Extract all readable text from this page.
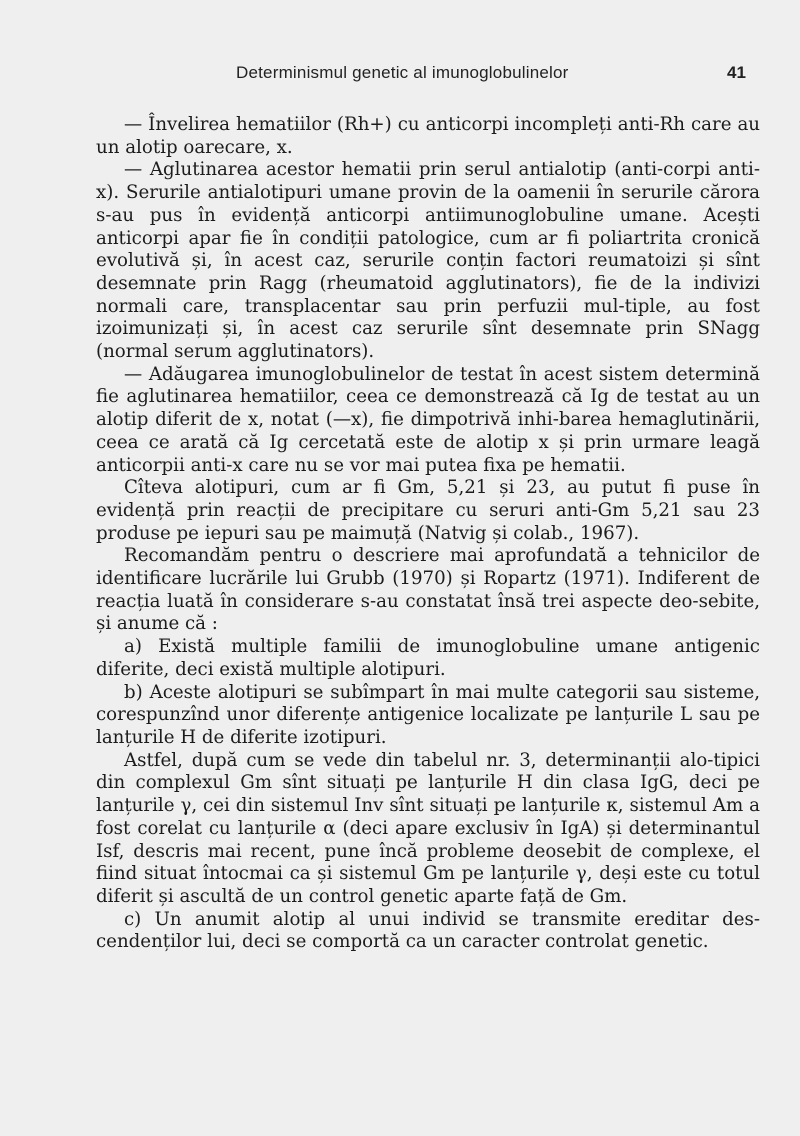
Determinismul genetic al imunoglobulinelor	41

— Învelirea hematiilor (Rh+) cu anticorpi incompleți anti-Rh care au un alotip oarecare, x.

— Aglutinarea acestor hematii prin serul antialotip (anti-corpi anti-x). Serurile antialotipuri umane provin de la oamenii în serurile cărora s-au pus în evidență anticorpi antiimunoglobuline umane. Acești anticorpi apar fie în condiții patologice, cum ar fi poliartrita cronică evolutivă și, în acest caz, serurile conțin factori reumatoizi și sînt desemnate prin Ragg (rheumatoid agglutinators), fie de la indivizi normali care, transplacentar sau prin perfuzii mul-tiple, au fost izoimunizați și, în acest caz serurile sînt desemnate prin SNagg (normal serum agglutinators).

— Adăugarea imunoglobulinelor de testat în acest sistem determină fie aglutinarea hematiilor, ceea ce demonstrează că Ig de testat au un alotip diferit de x, notat (—x), fie dimpotrivă inhi-barea hemaglutinării, ceea ce arată că Ig cercetată este de alotip x și prin urmare leagă anticorpii anti-x care nu se vor mai putea fixa pe hematii.

Cîteva alotipuri, cum ar fi Gm, 5,21 și 23, au putut fi puse în evidență prin reacții de precipitare cu seruri anti-Gm 5,21 sau 23 produse pe iepuri sau pe maimuță (Natvig și colab., 1967).

Recomandăm pentru o descriere mai aprofundată a tehnicilor de identificare lucrările lui Grubb (1970) și Ropartz (1971). Indiferent de reacția luată în considerare s-au constatat însă trei aspecte deo-sebite, și anume că :

a) Există multiple familii de imunoglobuline umane antigenic diferite, deci există multiple alotipuri.

b) Aceste alotipuri se subîmpart în mai multe categorii sau sisteme, corespunzînd unor diferențe antigenice localizate pe lanțurile L sau pe lanțurile H de diferite izotipuri.

Astfel, după cum se vede din tabelul nr. 3, determinanții alo-tipici din complexul Gm sînt situați pe lanțurile H din clasa IgG, deci pe lanțurile γ, cei din sistemul Inv sînt situați pe lanțurile κ, sistemul Am a fost corelat cu lanțurile α (deci apare exclusiv în IgA) și determinantul Isf, descris mai recent, pune încă probleme deosebit de complexe, el fiind situat întocmai ca și sistemul Gm pe lanțurile γ, deși este cu totul diferit și ascultă de un control genetic aparte față de Gm.

c) Un anumit alotip al unui individ se transmite ereditar des-cendenților lui, deci se comportă ca un caracter controlat genetic.
